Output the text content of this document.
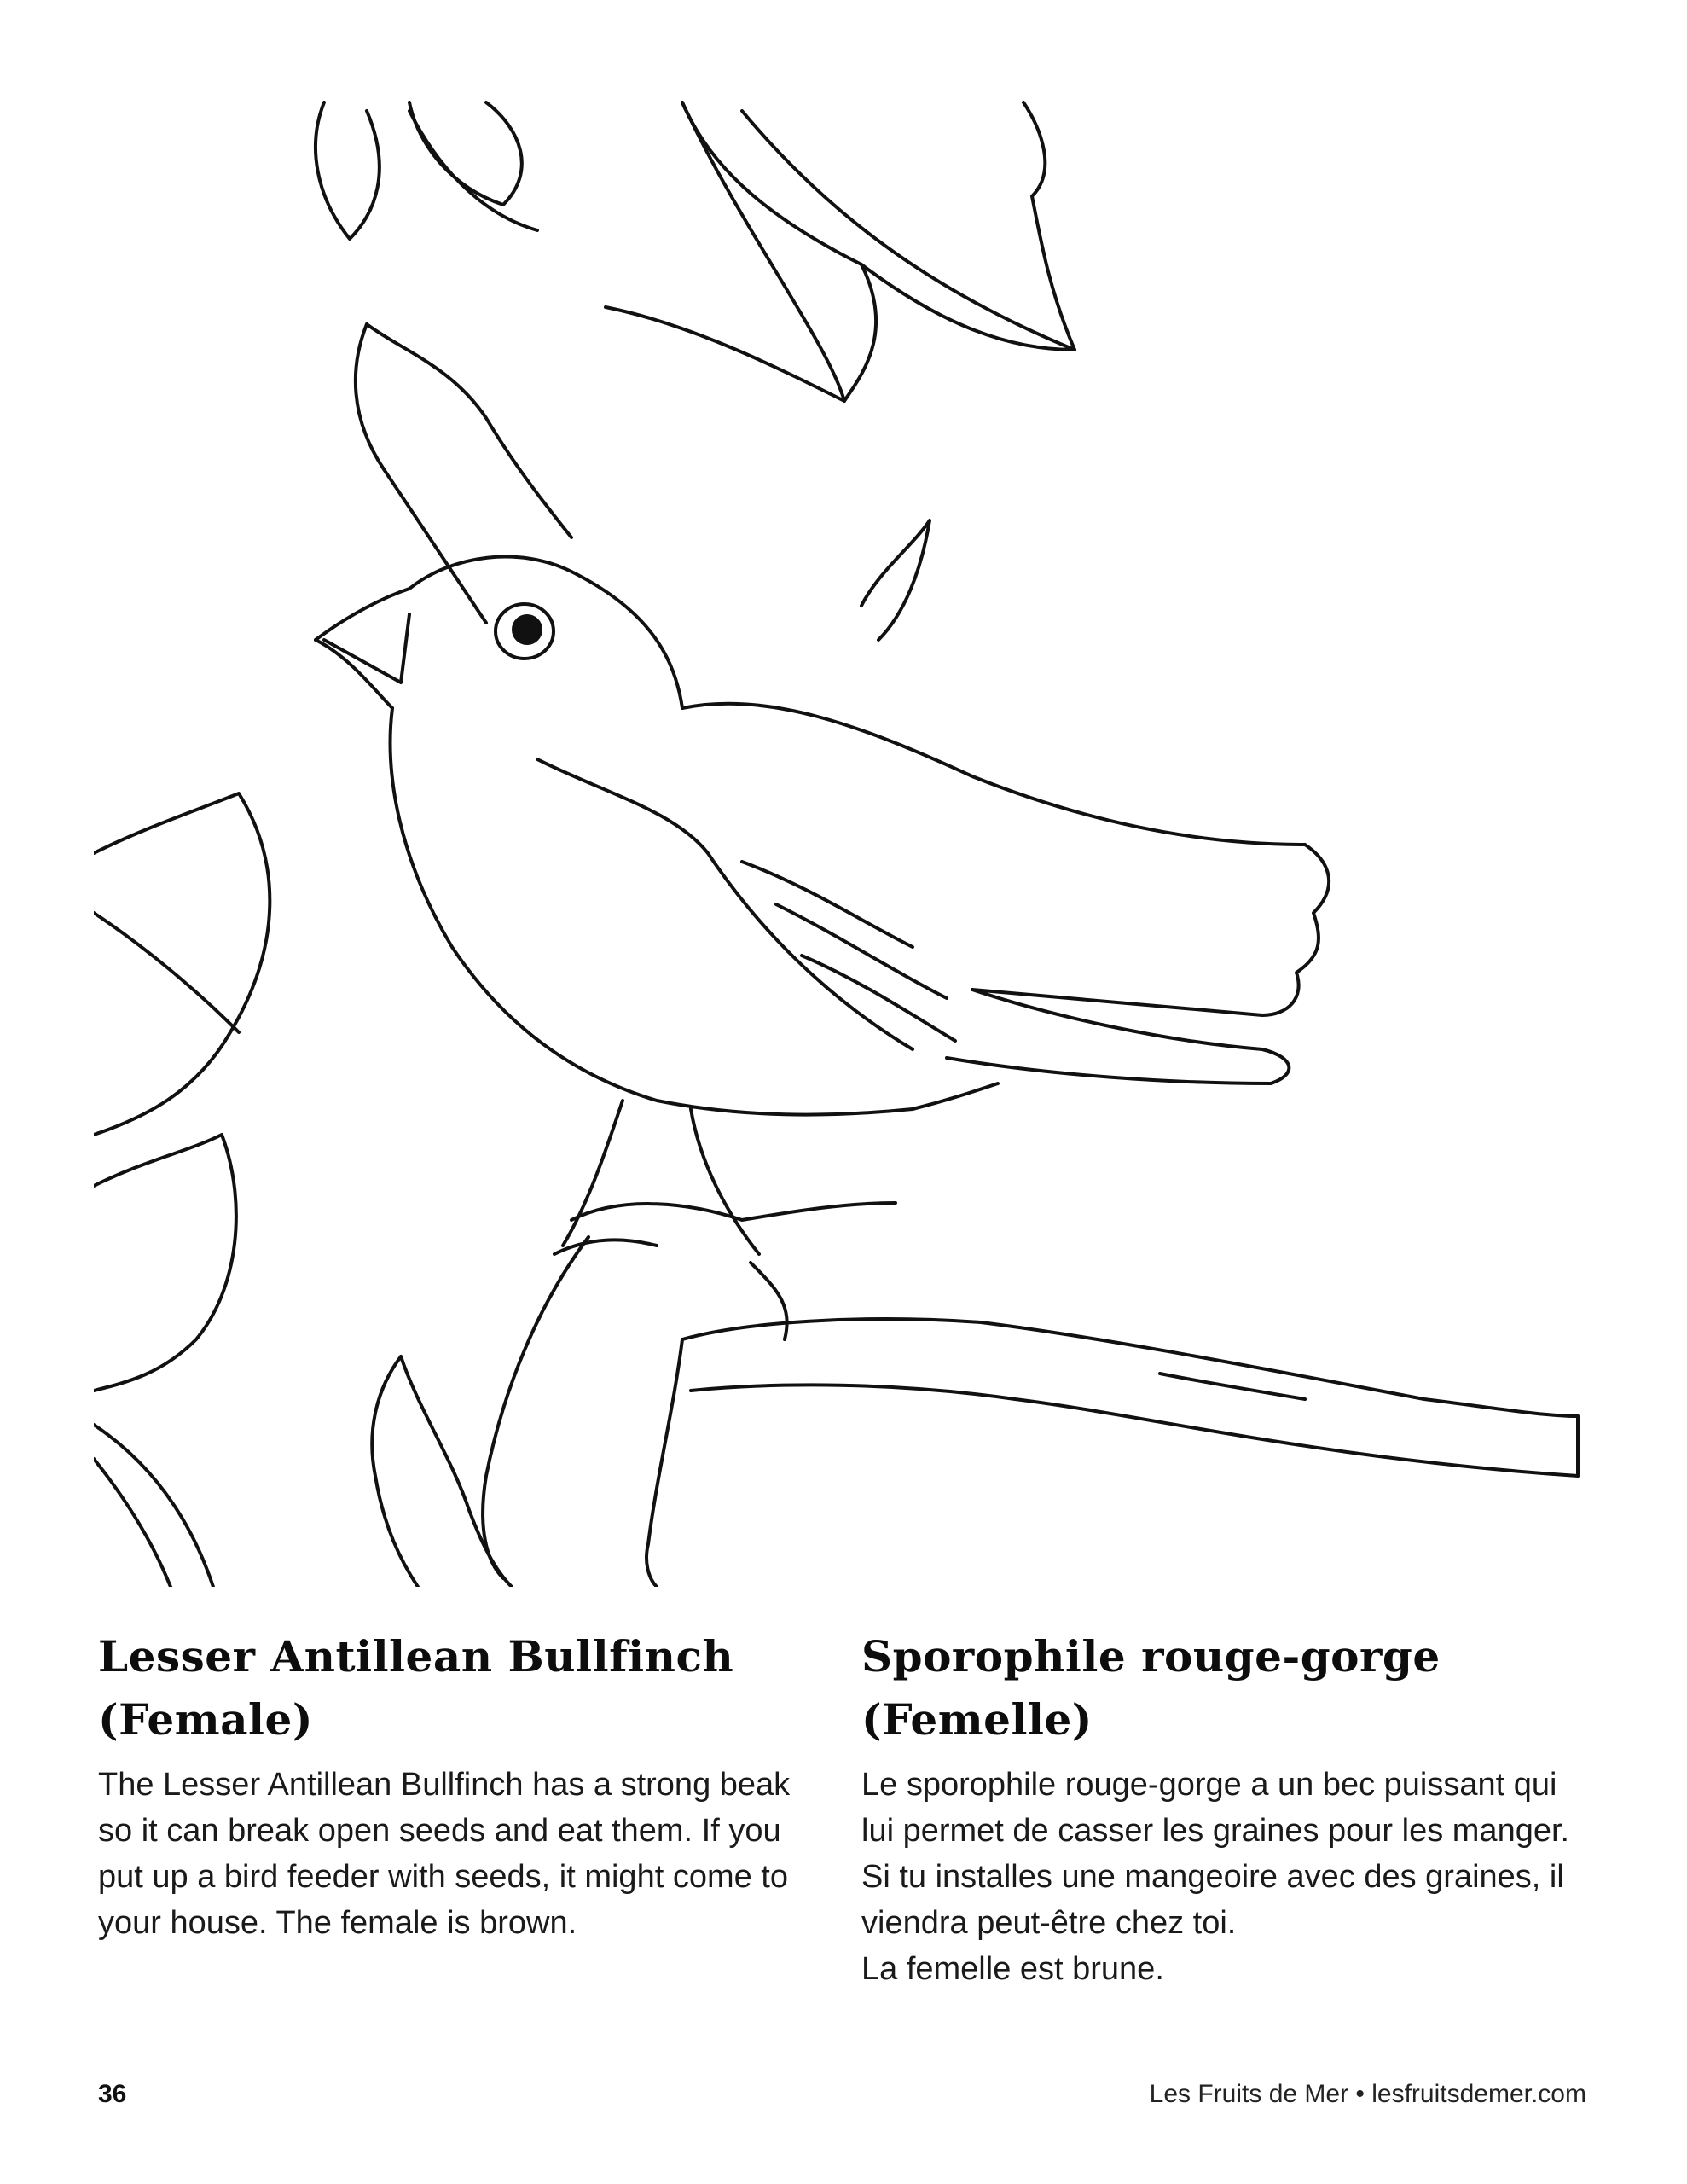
Lesser Antillean Bullfinch
(Female)

The Lesser Antillean Bullfinch has a strong beak so it can break open seeds and eat them. If you put up a bird feeder with seeds, it might come to your house. The female is brown.

Sporophile rouge-gorge
(Femelle)

Le sporophile rouge-gorge a un bec puissant qui lui permet de casser les graines pour les manger. Si tu installes une mangeoire avec des graines, il viendra peut-être chez toi.
La femelle est brune.

36	Les Fruits de Mer • lesfruitsdemer.com
